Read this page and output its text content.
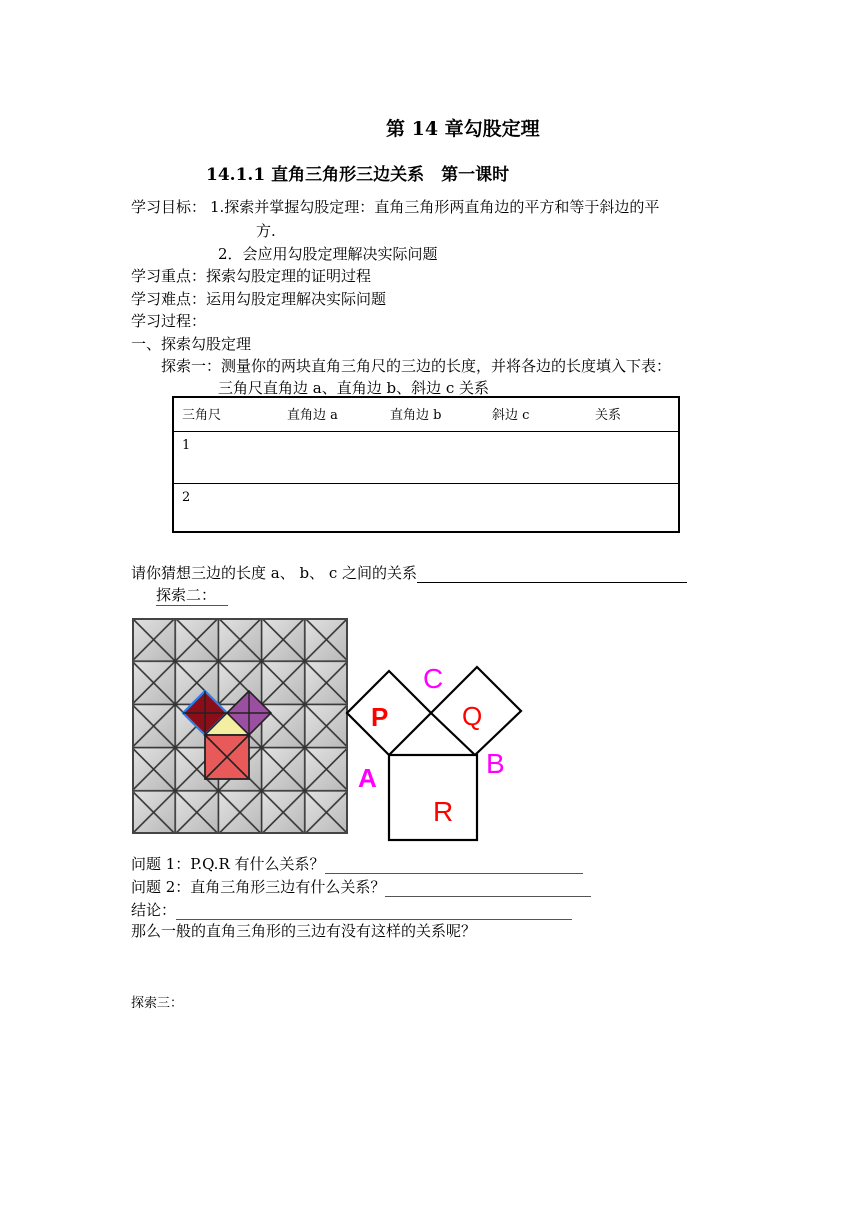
第 14 章勾股定理
14.1.1 直角三角形三边关系　第一课时
学习目标： 1.探索并掌握勾股定理：直角三角形两直角边的平方和等于斜边的平
方.
2．会应用勾股定理解决实际问题
学习重点：探索勾股定理的证明过程
学习难点：运用勾股定理解决实际问题
学习过程：
一、探索勾股定理
探索一：测量你的两块直角三角尺的三边的长度，并将各边的长度填入下表：
三角尺直角边 a、直角边 b、斜边 c 关系
三角尺	直角边 a	直角边 b	斜边 c	关系
1
2
请你猜想三边的长度 a、 b、 c 之间的关系
探索二：
C
P	Q
A	B
R
问题 1：P.Q.R 有什么关系？
问题 2：直角三角形三边有什么关系？
结论：
那么一般的直角三角形的三边有没有这样的关系呢？
探索三：
